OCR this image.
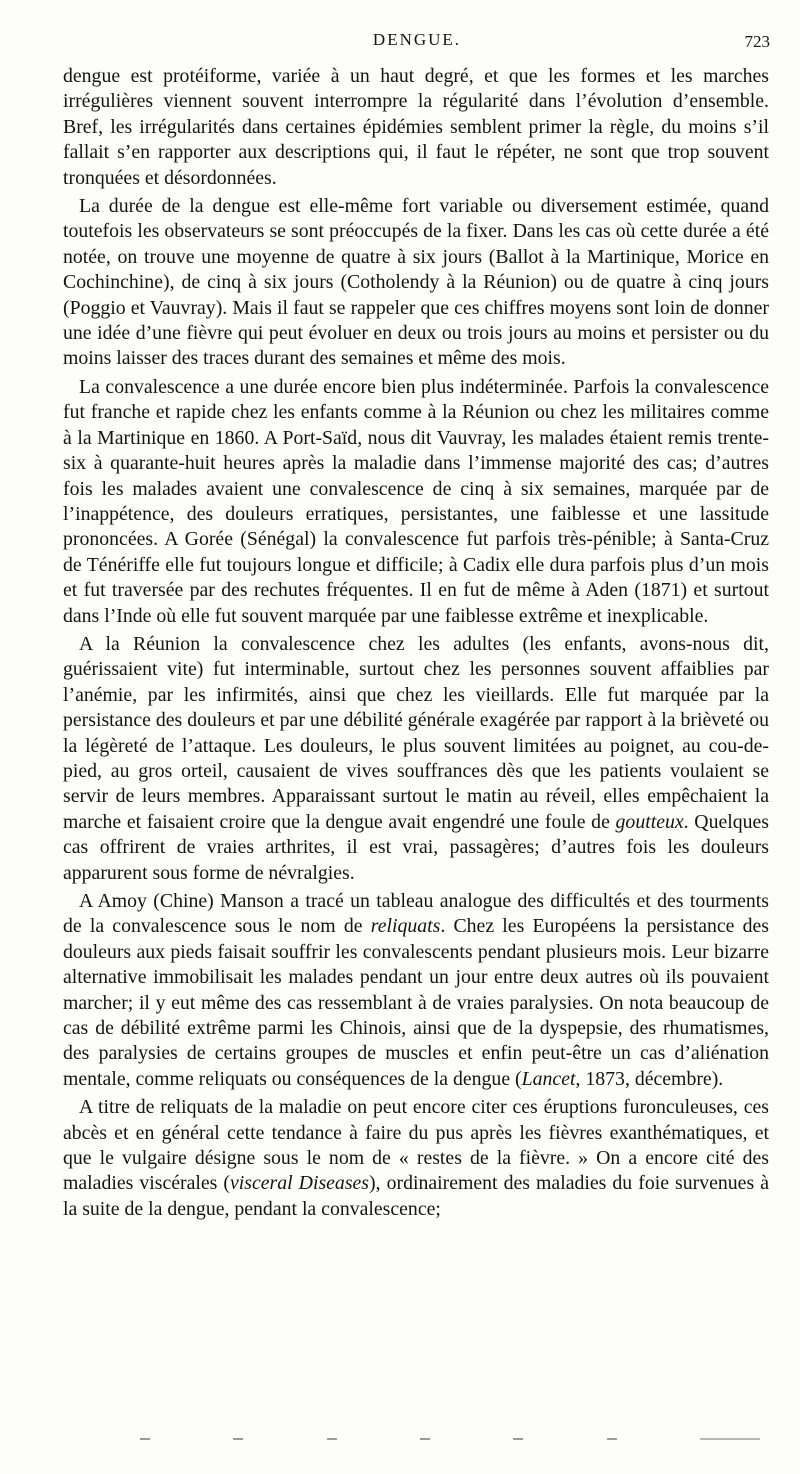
DENGUE.	723

dengue est protéiforme, variée à un haut degré, et que les formes et les marches irrégulières viennent souvent interrompre la régularité dans l’évolution d’ensemble. Bref, les irrégularités dans certaines épidémies semblent primer la règle, du moins s’il fallait s’en rapporter aux descriptions qui, il faut le répéter, ne sont que trop souvent tronquées et désordonnées.

La durée de la dengue est elle-même fort variable ou diversement estimée, quand toutefois les observateurs se sont préoccupés de la fixer. Dans les cas où cette durée a été notée, on trouve une moyenne de quatre à six jours (Ballot à la Martinique, Morice en Cochinchine), de cinq à six jours (Cotholendy à la Réunion) ou de quatre à cinq jours (Poggio et Vauvray). Mais il faut se rappeler que ces chiffres moyens sont loin de donner une idée d’une fièvre qui peut évoluer en deux ou trois jours au moins et persister ou du moins laisser des traces durant des semaines et même des mois.

La convalescence a une durée encore bien plus indéterminée. Parfois la convalescence fut franche et rapide chez les enfants comme à la Réunion ou chez les militaires comme à la Martinique en 1860. A Port-Saïd, nous dit Vauvray, les malades étaient remis trente-six à quarante-huit heures après la maladie dans l’immense majorité des cas; d’autres fois les malades avaient une convalescence de cinq à six semaines, marquée par de l’inappétence, des douleurs erratiques, persistantes, une faiblesse et une lassitude prononcées. A Gorée (Sénégal) la convalescence fut parfois très-pénible; à Santa-Cruz de Ténériffe elle fut toujours longue et difficile; à Cadix elle dura parfois plus d’un mois et fut traversée par des rechutes fréquentes. Il en fut de même à Aden (1871) et surtout dans l’Inde où elle fut souvent marquée par une faiblesse extrême et inexplicable.

A la Réunion la convalescence chez les adultes (les enfants, avons-nous dit, guérissaient vite) fut interminable, surtout chez les personnes souvent affaiblies par l’anémie, par les infirmités, ainsi que chez les vieillards. Elle fut marquée par la persistance des douleurs et par une débilité générale exagérée par rapport à la brièveté ou la légèreté de l’attaque. Les douleurs, le plus souvent limitées au poignet, au cou-de-pied, au gros orteil, causaient de vives souffrances dès que les patients voulaient se servir de leurs membres. Apparaissant surtout le matin au réveil, elles empêchaient la marche et faisaient croire que la dengue avait engendré une foule de goutteux. Quelques cas offrirent de vraies arthrites, il est vrai, passagères; d’autres fois les douleurs apparurent sous forme de névralgies.

A Amoy (Chine) Manson a tracé un tableau analogue des difficultés et des tourments de la convalescence sous le nom de reliquats. Chez les Européens la persistance des douleurs aux pieds faisait souffrir les convalescents pendant plusieurs mois. Leur bizarre alternative immobilisait les malades pendant un jour entre deux autres où ils pouvaient marcher; il y eut même des cas ressemblant à de vraies paralysies. On nota beaucoup de cas de débilité extrême parmi les Chinois, ainsi que de la dyspepsie, des rhumatismes, des paralysies de certains groupes de muscles et enfin peut-être un cas d’aliénation mentale, comme reliquats ou conséquences de la dengue (Lancet, 1873, décembre).

A titre de reliquats de la maladie on peut encore citer ces éruptions furonculeuses, ces abcès et en général cette tendance à faire du pus après les fièvres exanthématiques, et que le vulgaire désigne sous le nom de « restes de la fièvre. » On a encore cité des maladies viscérales (visceral Diseases), ordinairement des maladies du foie survenues à la suite de la dengue, pendant la convalescence;
